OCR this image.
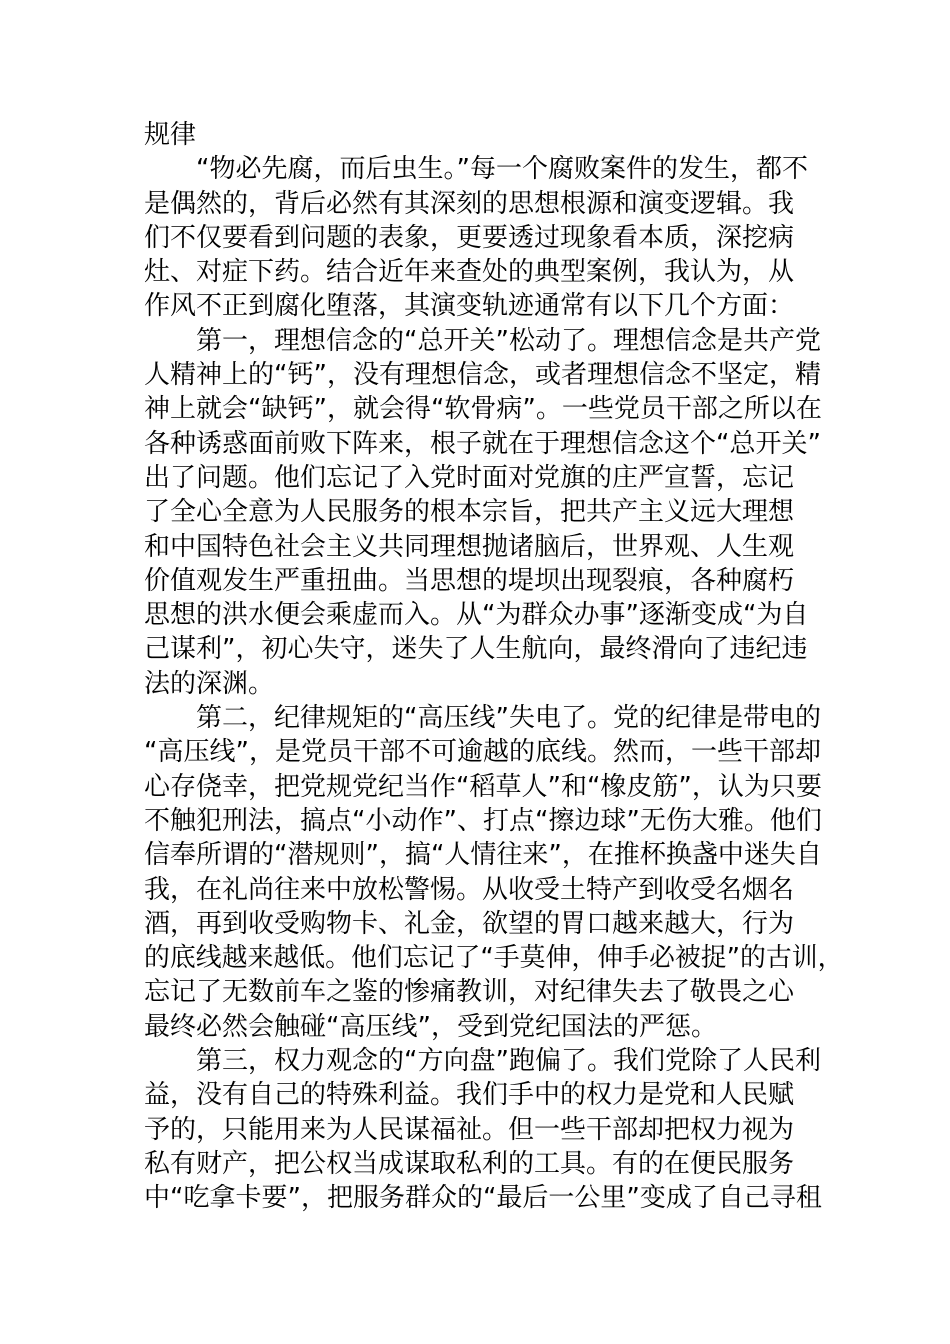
规律
“物必先腐，而后虫生。”每一个腐败案件的发生，都不
是偶然的，背后必然有其深刻的思想根源和演变逻辑。我
们不仅要看到问题的表象，更要透过现象看本质，深挖病
灶、对症下药。结合近年来查处的典型案例，我认为，从
作风不正到腐化堕落，其演变轨迹通常有以下几个方面：
第一，理想信念的“总开关”松动了。理想信念是共产党
人精神上的“钙”，没有理想信念，或者理想信念不坚定，精
神上就会“缺钙”，就会得“软骨病”。一些党员干部之所以在
各种诱惑面前败下阵来，根子就在于理想信念这个“总开关”
出了问题。他们忘记了入党时面对党旗的庄严宣誓，忘记
了全心全意为人民服务的根本宗旨，把共产主义远大理想
和中国特色社会主义共同理想抛诸脑后，世界观、人生观
价值观发生严重扭曲。当思想的堤坝出现裂痕，各种腐朽
思想的洪水便会乘虚而入。从“为群众办事”逐渐变成“为自
己谋利”，初心失守，迷失了人生航向，最终滑向了违纪违
法的深渊。
第二，纪律规矩的“高压线”失电了。党的纪律是带电的
“高压线”，是党员干部不可逾越的底线。然而，一些干部却
心存侥幸，把党规党纪当作“稻草人”和“橡皮筋”，认为只要
不触犯刑法，搞点“小动作”、打点“擦边球”无伤大雅。他们
信奉所谓的“潜规则”，搞“人情往来”，在推杯换盏中迷失自
我，在礼尚往来中放松警惕。从收受土特产到收受名烟名
酒，再到收受购物卡、礼金，欲望的胃口越来越大，行为
的底线越来越低。他们忘记了“手莫伸，伸手必被捉”的古训，
忘记了无数前车之鉴的惨痛教训，对纪律失去了敬畏之心
最终必然会触碰“高压线”，受到党纪国法的严惩。
第三，权力观念的“方向盘”跑偏了。我们党除了人民利
益，没有自己的特殊利益。我们手中的权力是党和人民赋
予的，只能用来为人民谋福祉。但一些干部却把权力视为
私有财产，把公权当成谋取私利的工具。有的在便民服务
中“吃拿卡要”，把服务群众的“最后一公里”变成了自己寻租
